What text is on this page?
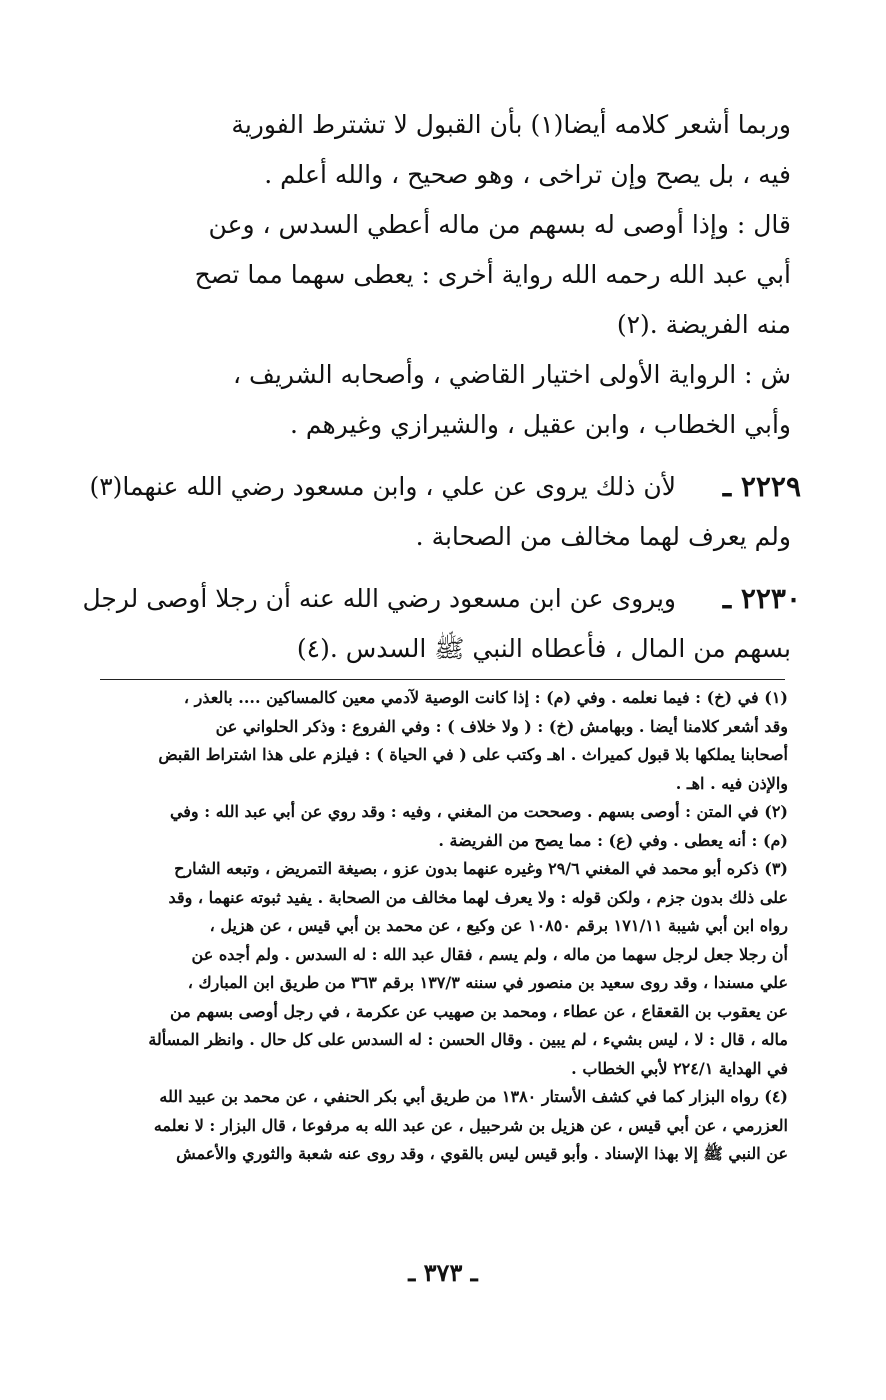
وربما أشعر كلامه أيضا(١) بأن القبول لا تشترط الفورية
فيه ، بل يصح وإن تراخى ، وهو صحيح ، والله أعلم .
قال : وإذا أوصى له بسهم من ماله أعطي السدس ، وعن
أبي عبد الله رحمه الله رواية أخرى : يعطى سهما مما تصح
منه الفريضة .(٢)
ش : الرواية الأولى اختيار القاضي ، وأصحابه الشريف ،
وأبي الخطاب ، وابن عقيل ، والشيرازي وغيرهم .
٢٢٢٩ ـ
لأن ذلك يروى عن علي ، وابن مسعود رضي الله عنهما(٣)
ولم يعرف لهما مخالف من الصحابة .
٢٢٣٠ ـ
ويروى عن ابن مسعود رضي الله عنه أن رجلا أوصى لرجل
بسهم من المال ، فأعطاه النبي ﷺ السدس .(٤)
(١) في (خ) : فيما نعلمه . وفي (م) : إذا كانت الوصية لآدمي معين كالمساكين .... بالعذر ،
وقد أشعر كلامنا أيضا . وبهامش (خ) : ( ولا خلاف ) : وفي الفروع : وذكر الحلواني عن
أصحابنا يملكها بلا قبول كميراث . اهـ وكتب على ( في الحياة ) : فيلزم على هذا اشتراط القبض
والإذن فيه . اهـ .
(٢) في المتن : أوصى بسهم . وصححت من المغني ، وفيه : وقد روي عن أبي عبد الله : وفي
(م) : أنه يعطى . وفي (ع) : مما يصح من الفريضة .
(٣) ذكره أبو محمد في المغني ٢٩/٦ وغيره عنهما بدون عزو ، بصيغة التمريض ، وتبعه الشارح
على ذلك بدون جزم ، ولكن قوله : ولا يعرف لهما مخالف من الصحابة . يفيد ثبوته عنهما ، وقد
رواه ابن أبي شيبة ١٧١/١١ برقم ١٠٨٥٠ عن وكيع ، عن محمد بن أبي قيس ، عن هزيل ،
أن رجلا جعل لرجل سهما من ماله ، ولم يسم ، فقال عبد الله : له السدس . ولم أجده عن
علي مسندا ، وقد روى سعيد بن منصور في سننه ١٣٧/٣ برقم ٣٦٣ من طريق ابن المبارك ،
عن يعقوب بن القعقاع ، عن عطاء ، ومحمد بن صهيب عن عكرمة ، في رجل أوصى بسهم من
ماله ، قال : لا ، ليس بشيء ، لم يبين . وقال الحسن : له السدس على كل حال . وانظر المسألة
في الهداية ٢٢٤/١ لأبي الخطاب .
(٤) رواه البزار كما في كشف الأستار ١٣٨٠ من طريق أبي بكر الحنفي ، عن محمد بن عبيد الله
العزرمي ، عن أبي قيس ، عن هزيل بن شرحبيل ، عن عبد الله به مرفوعا ، قال البزار : لا نعلمه
عن النبي ﷺ إلا بهذا الإسناد . وأبو قيس ليس بالقوي ، وقد روى عنه شعبة والثوري والأعمش
ـ ٣٧٣ ـ
